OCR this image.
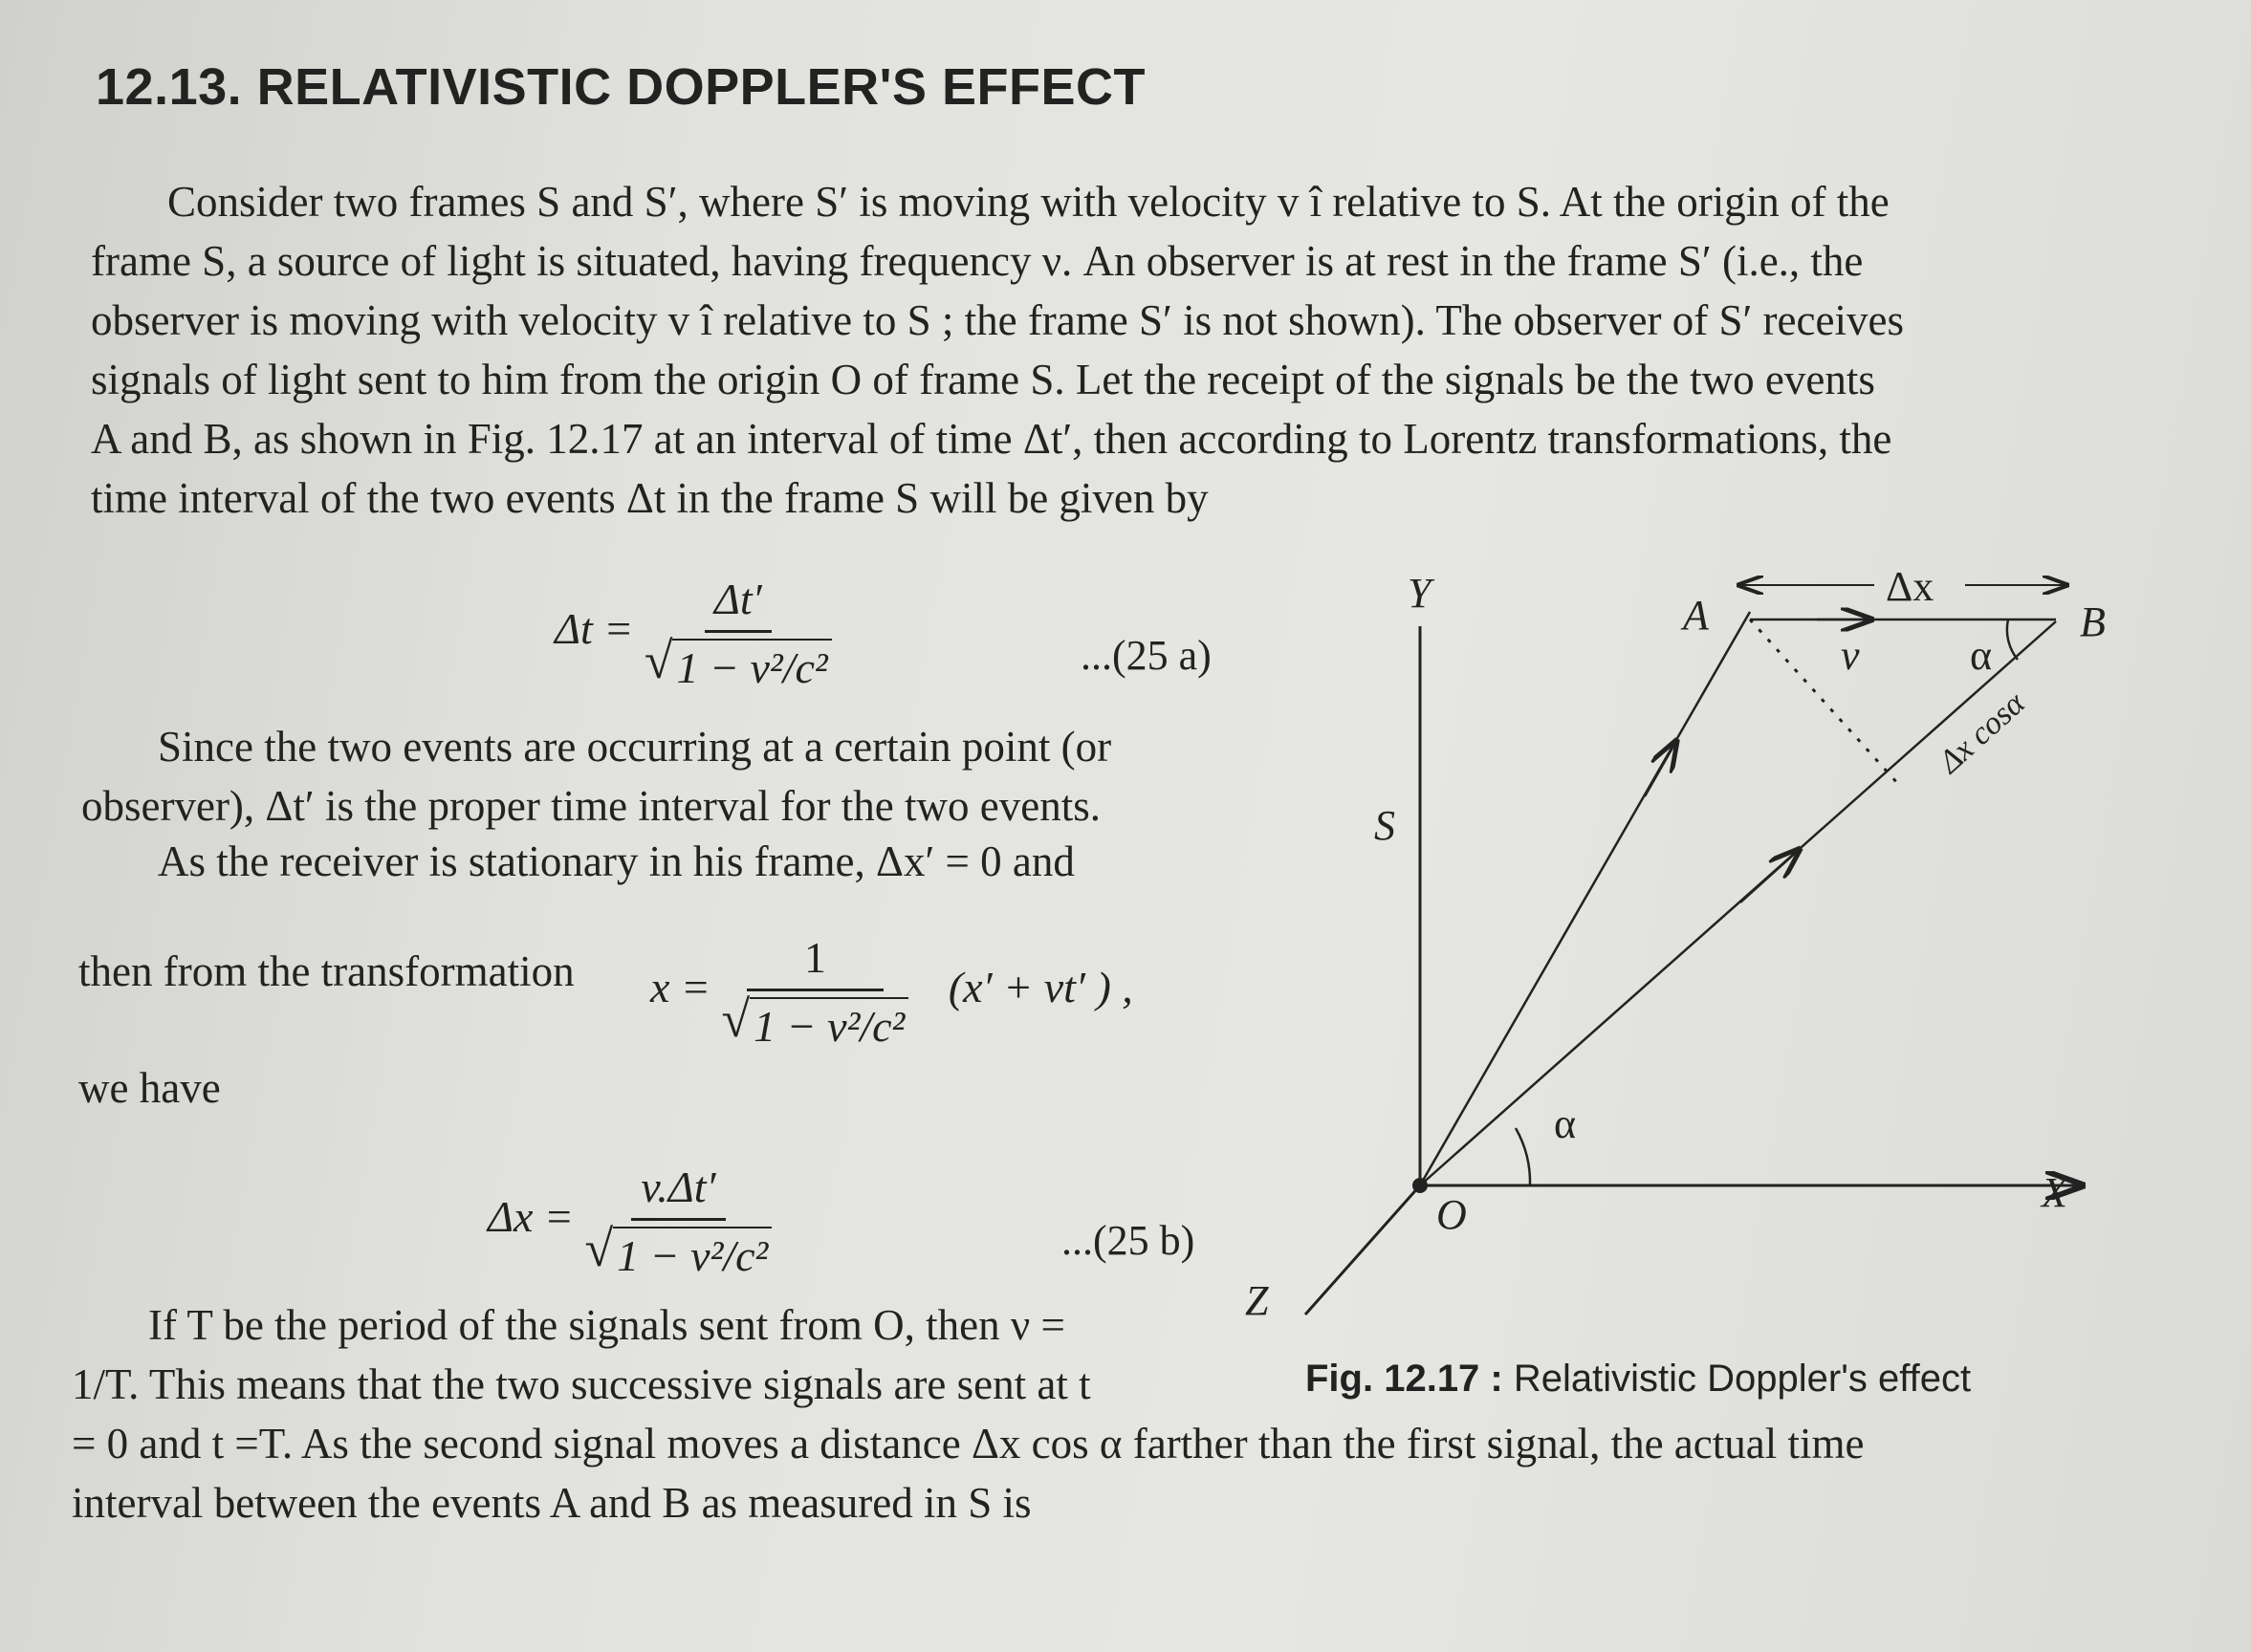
12.13. RELATIVISTIC DOPPLER'S EFFECT
Consider two frames S and S′, where S′ is moving with velocity v î relative to S. At the origin of the
frame S, a source of light is situated, having frequency ν. An observer is at rest in the frame S′ (i.e., the
observer is moving with velocity v î relative to S ; the frame S′ is not shown). The observer of S′ receives
signals of light sent to him from the origin O of frame S. Let the receipt of the signals be the two events
A and B, as shown in Fig. 12.17 at an interval of time Δt′, then according to Lorentz transformations, the
time interval of the two events Δt in the frame S will be given by
$\Delta t = \frac{\Delta t'}{\text{√ 1 − v²/c²}}$	...(25 a)
Since the two events are occurring at a certain point (or
observer), Δt′ is the proper time interval for the two events.
As the receiver is stationary in his frame, Δx′ = 0 and
then from the transformation $x = \frac{1}{\text{√ 1 − v²/c²}} (x' + vt'$ ) ,
we have
$\Delta x = \frac{v.\Delta t'}{\text{√ 1 − v²/c²}}$	...(25 b)
If T be the period of the signals sent from O, then ν =
1/T. This means that the two successive signals are sent at t
= 0 and t =T. As the second signal moves a distance Δx cos α farther than the first signal, the actual time
interval between the events A and B as measured in S is
Y
X
Z
O
S
A	B
v	α
α
Δx
Δx cosα
Fig. 12.17 : Relativistic Doppler's effect
